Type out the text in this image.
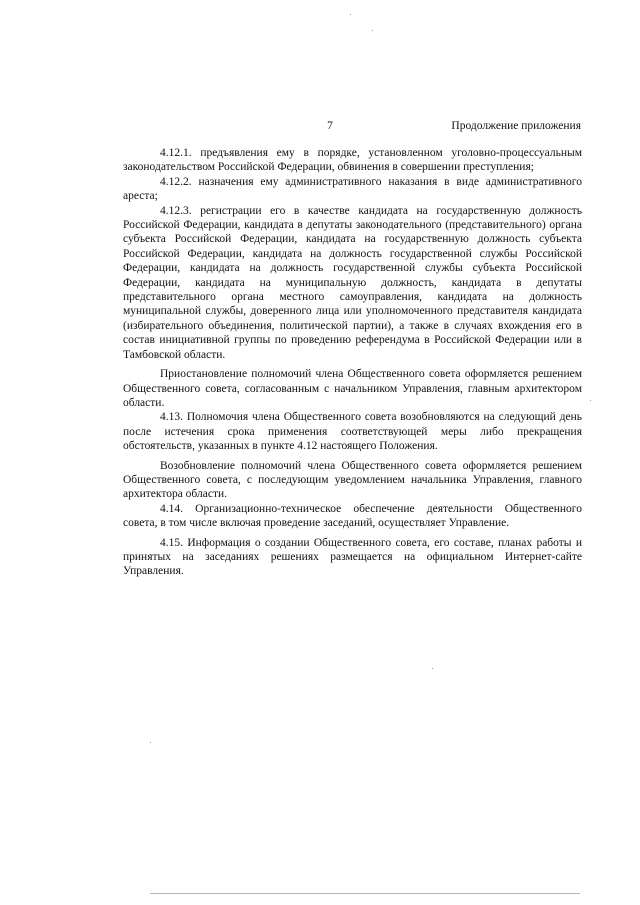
7	Продолжение приложения

4.12.1. предъявления ему в порядке, установленном уголовно-процессуальным законодательством Российской Федерации, обвинения в совершении преступления;

4.12.2. назначения ему административного наказания в виде административного ареста;

4.12.3. регистрации его в качестве кандидата на государственную должность Российской Федерации, кандидата в депутаты законодательного (представительного) органа субъекта Российской Федерации, кандидата на государственную должность субъекта Российской Федерации, кандидата на должность государственной службы Российской Федерации, кандидата на должность государственной службы субъекта Российской Федерации, кандидата на муниципальную должность, кандидата в депутаты представительного органа местного самоуправления, кандидата на должность муниципальной службы, доверенного лица или уполномоченного представителя кандидата (избирательного объединения, политической партии), а также в случаях вхождения его в состав инициативной группы по проведению референдума в Российской Федерации или в Тамбовской области.

Приостановление полномочий члена Общественного совета оформляется решением Общественного совета, согласованным с начальником Управления, главным архитектором области.

4.13. Полномочия члена Общественного совета возобновляются на следующий день после истечения срока применения соответствующей меры либо прекращения обстоятельств, указанных в пункте 4.12 настоящего Положения.

Возобновление полномочий члена Общественного совета оформляется решением Общественного совета, с последующим уведомлением начальника Управления, главного архитектора области.

4.14. Организационно-техническое обеспечение деятельности Общественного совета, в том числе включая проведение заседаний, осуществляет Управление.

4.15. Информация о создании Общественного совета, его составе, планах работы и принятых на заседаниях решениях размещается на официальном Интернет-сайте Управления.
